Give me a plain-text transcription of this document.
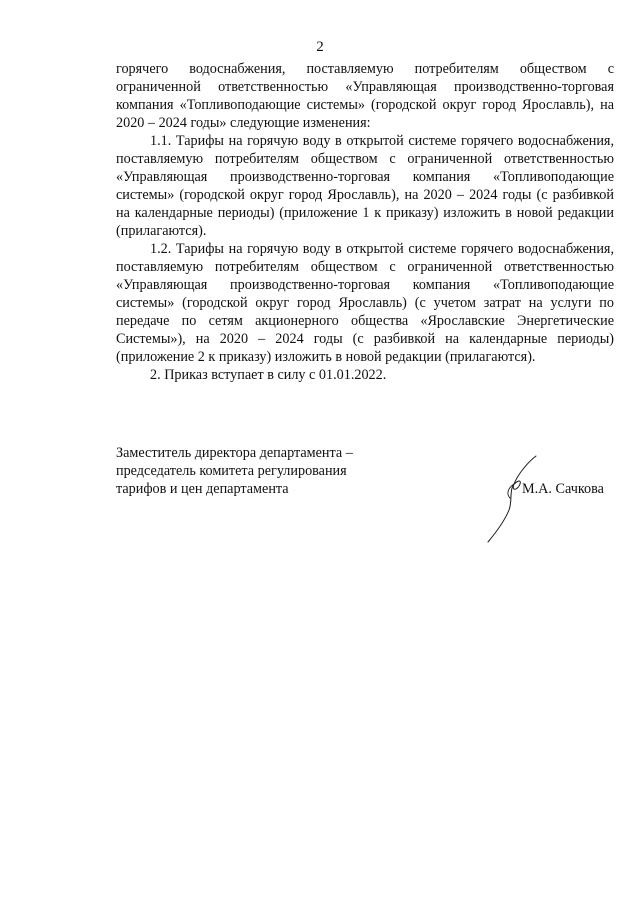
2

горячего водоснабжения, поставляемую потребителям обществом с ограниченной ответственностью «Управляющая производственно-торговая компания «Топливоподающие системы» (городской округ город Ярославль), на 2020 – 2024 годы» следующие изменения:

1.1. Тарифы на горячую воду в открытой системе горячего водоснабжения, поставляемую потребителям обществом с ограниченной ответственностью «Управляющая производственно-торговая компания «Топливоподающие системы» (городской округ город Ярославль), на 2020 – 2024 годы (с разбивкой на календарные периоды) (приложение 1 к приказу) изложить в новой редакции (прилагаются).

1.2. Тарифы на горячую воду в открытой системе горячего водоснабжения, поставляемую потребителям обществом с ограниченной ответственностью «Управляющая производственно-торговая компания «Топливоподающие системы» (городской округ город Ярославль) (с учетом затрат на услуги по передаче по сетям акционерного общества «Ярославские Энергетические Системы»), на 2020 – 2024 годы (с разбивкой на календарные периоды) (приложение 2 к приказу) изложить в новой редакции (прилагаются).

2. Приказ вступает в силу с 01.01.2022.

Заместитель директора департамента –
председатель комитета регулирования
тарифов и цен департамента	М.А. Сачкова
